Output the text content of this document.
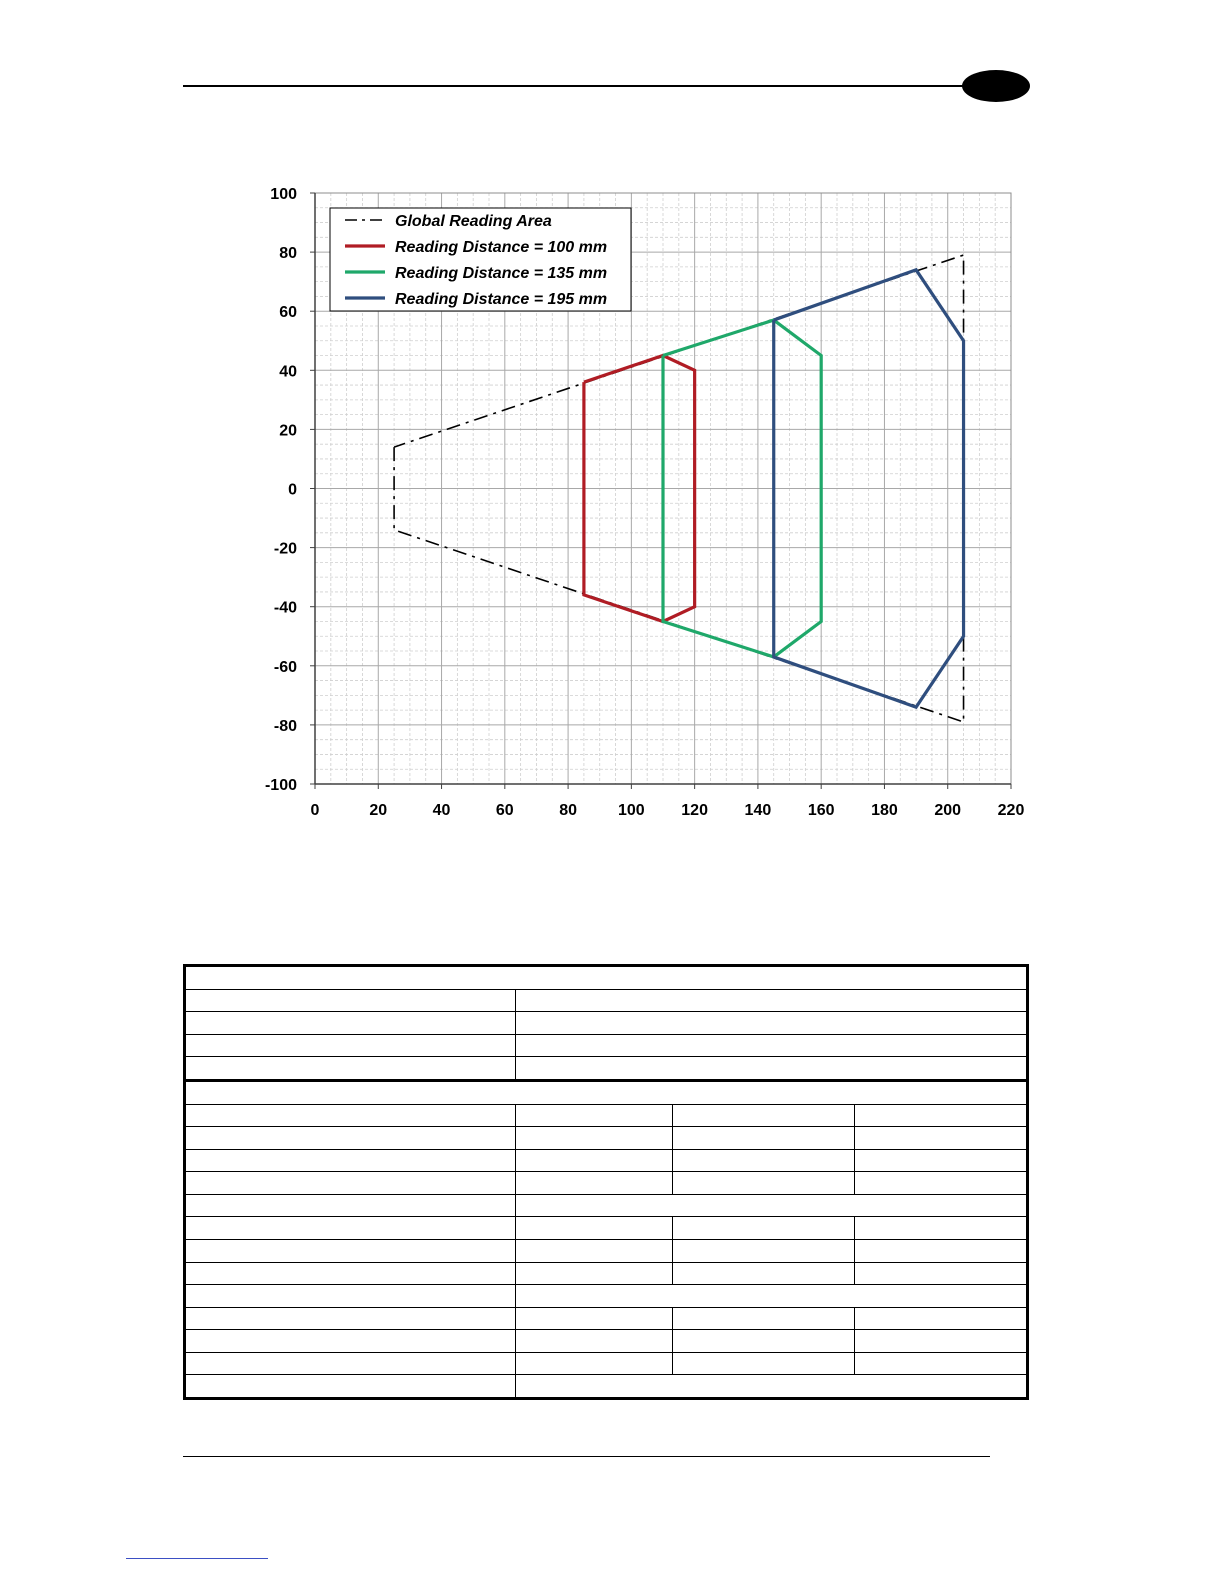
100
80
60
40
20
0
-20
-40
-60
-80
-100
0	20	40	60	80	100 120 140 160 180 200 220
Global Reading Area
Reading Distance = 100 mm
Reading Distance = 135 mm
Reading Distance = 195 mm
